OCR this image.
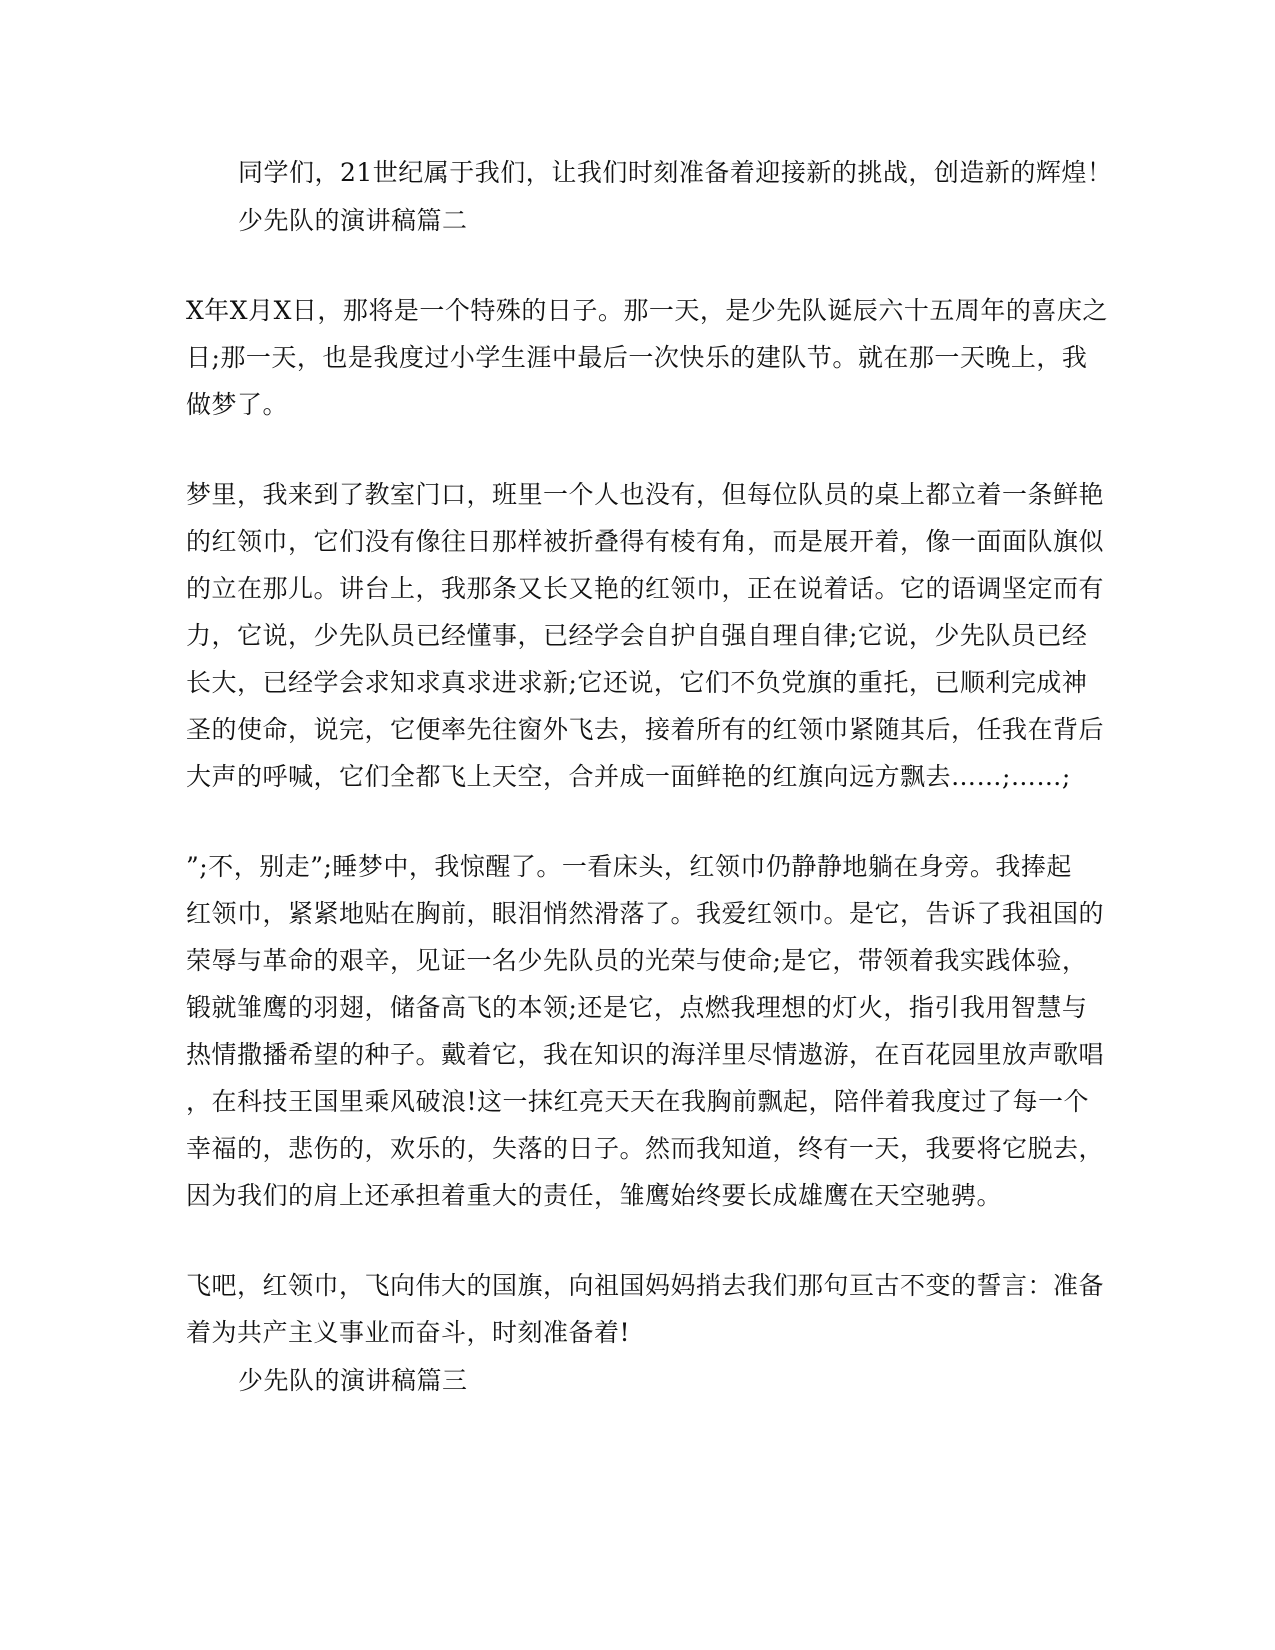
同学们，21世纪属于我们，让我们时刻准备着迎接新的挑战，创造新的辉煌！
少先队的演讲稿篇二
X年X月X日，那将是一个特殊的日子。那一天，是少先队诞辰六十五周年的喜庆之
日;那一天，也是我度过小学生涯中最后一次快乐的建队节。就在那一天晚上，我
做梦了。
梦里，我来到了教室门口，班里一个人也没有，但每位队员的桌上都立着一条鲜艳
的红领巾，它们没有像往日那样被折叠得有棱有角，而是展开着，像一面面队旗似
的立在那儿。讲台上，我那条又长又艳的红领巾，正在说着话。它的语调坚定而有
力，它说，少先队员已经懂事，已经学会自护自强自理自律;它说，少先队员已经
长大，已经学会求知求真求进求新;它还说，它们不负党旗的重托，已顺利完成神
圣的使命，说完，它便率先往窗外飞去，接着所有的红领巾紧随其后，任我在背后
大声的呼喊，它们全都飞上天空，合并成一面鲜艳的红旗向远方飘去……;……;
”;不，别走”;睡梦中，我惊醒了。一看床头，红领巾仍静静地躺在身旁。我捧起
红领巾，紧紧地贴在胸前，眼泪悄然滑落了。我爱红领巾。是它，告诉了我祖国的
荣辱与革命的艰辛，见证一名少先队员的光荣与使命;是它，带领着我实践体验，
锻就雏鹰的羽翅，储备高飞的本领;还是它，点燃我理想的灯火，指引我用智慧与
热情撒播希望的种子。戴着它，我在知识的海洋里尽情遨游，在百花园里放声歌唱
，在科技王国里乘风破浪!这一抹红亮天天在我胸前飘起，陪伴着我度过了每一个
幸福的，悲伤的，欢乐的，失落的日子。然而我知道，终有一天，我要将它脱去，
因为我们的肩上还承担着重大的责任，雏鹰始终要长成雄鹰在天空驰骋。
飞吧，红领巾，飞向伟大的国旗，向祖国妈妈捎去我们那句亘古不变的誓言：准备
着为共产主义事业而奋斗，时刻准备着!
少先队的演讲稿篇三
